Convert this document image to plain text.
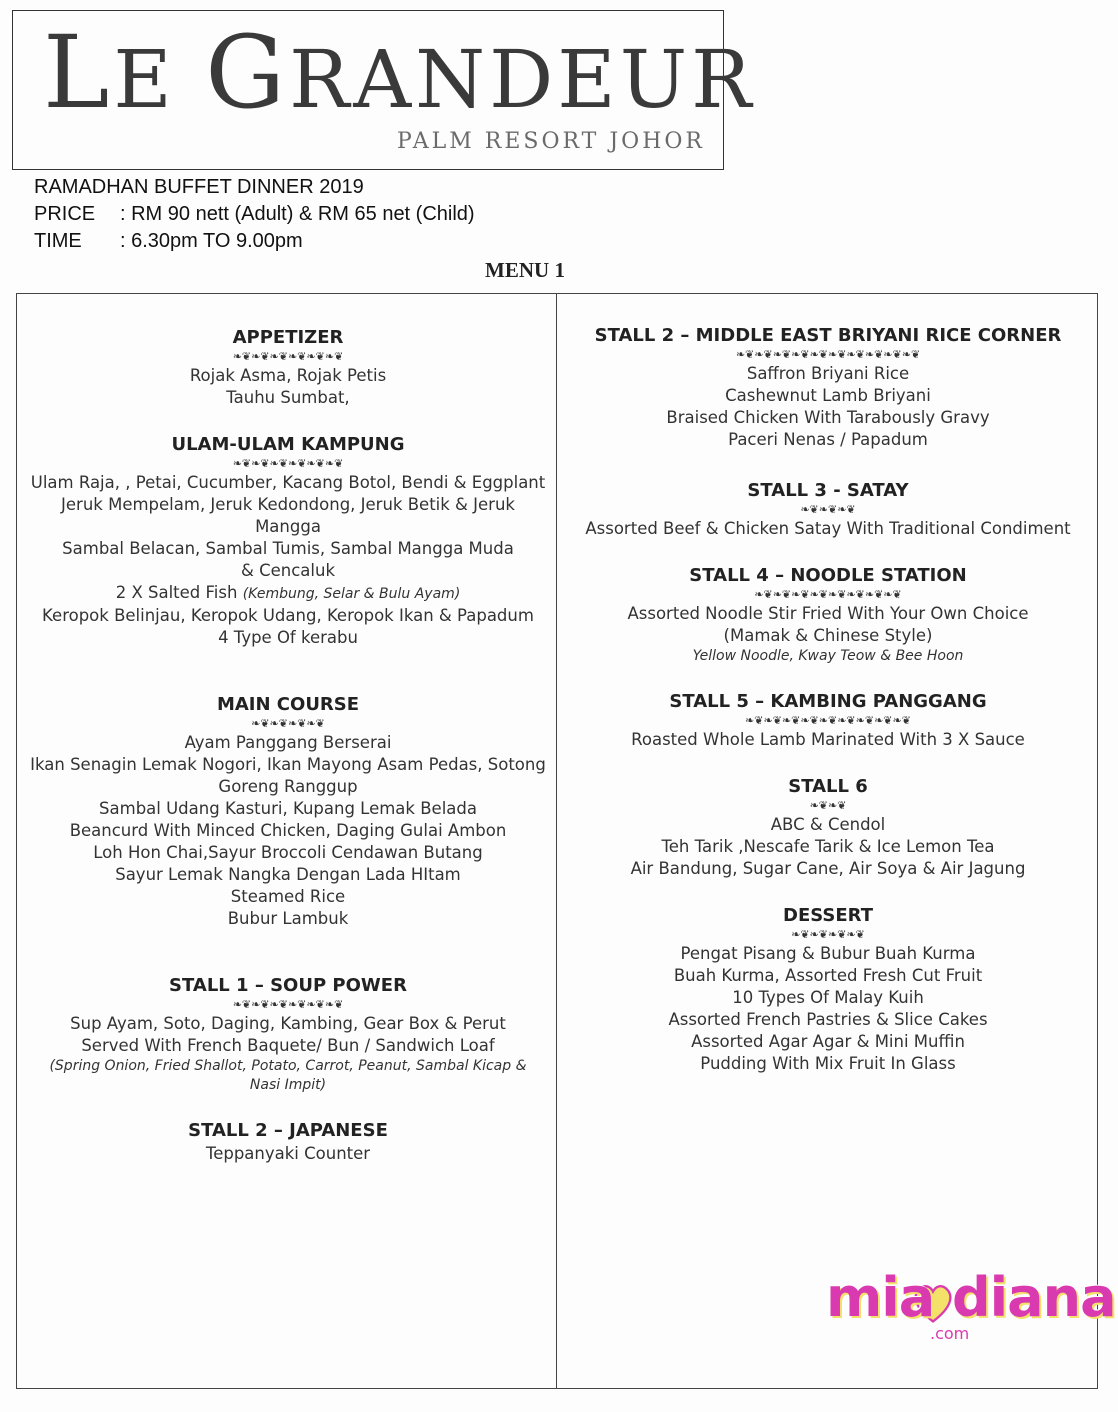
LE GRANDEUR
PALM RESORT JOHOR
RAMADHAN BUFFET DINNER 2019
PRICE : RM 90 nett (Adult) & RM 65 net (Child)
TIME : 6.30pm TO 9.00pm
MENU 1
APPETIZER
❧❦❧❦❧❦❧❦❧❦❧❦
Rojak Asma, Rojak Petis
Tauhu Sumbat,
ULAM-ULAM KAMPUNG
❧❦❧❦❧❦❧❦❧❦❧❦
Ulam Raja, , Petai, Cucumber, Kacang Botol, Bendi & Eggplant
Jeruk Mempelam, Jeruk Kedondong, Jeruk Betik & Jeruk Mangga
Sambal Belacan, Sambal Tumis, Sambal Mangga Muda & Cencaluk
2 X Salted Fish (Kembung, Selar & Bulu Ayam)
Keropok Belinjau, Keropok Udang, Keropok Ikan & Papadum
4 Type Of kerabu
MAIN COURSE
❧❦❧❦❧❦❧❦
Ayam Panggang Berserai
Ikan Senagin Lemak Nogori, Ikan Mayong Asam Pedas, Sotong Goreng Ranggup
Sambal Udang Kasturi, Kupang Lemak Belada
Beancurd With Minced Chicken, Daging Gulai Ambon
Loh Hon Chai,Sayur Broccoli Cendawan Butang
Sayur Lemak Nangka Dengan Lada HItam
Steamed Rice
Bubur Lambuk
STALL 1 – SOUP POWER
❧❦❧❦❧❦❧❦❧❦❧❦
Sup Ayam, Soto, Daging, Kambing, Gear Box & Perut
Served With French Baquete/ Bun / Sandwich Loaf
(Spring Onion, Fried Shallot, Potato, Carrot, Peanut, Sambal Kicap & Nasi Impit)
STALL 2 – JAPANESE
Teppanyaki Counter
STALL 2 – MIDDLE EAST BRIYANI RICE CORNER
❧❦❧❦❧❦❧❦❧❦❧❦❧❦❧❦❧❦❧❦
Saffron Briyani Rice
Cashewnut Lamb Briyani
Braised Chicken With Tarabously Gravy
Paceri Nenas / Papadum
STALL 3 - SATAY
❧❦❧❦❧❦
Assorted Beef & Chicken Satay With Traditional Condiment
STALL 4 – NOODLE STATION
❧❦❧❦❧❦❧❦❧❦❧❦❧❦❧❦
Assorted Noodle Stir Fried With Your Own Choice
(Mamak & Chinese Style)
Yellow Noodle, Kway Teow & Bee Hoon
STALL 5 – KAMBING PANGGANG
❧❦❧❦❧❦❧❦❧❦❧❦❧❦❧❦❧❦
Roasted Whole Lamb Marinated With 3 X Sauce
STALL 6
❧❦❧❦
ABC & Cendol
Teh Tarik ,Nescafe Tarik & Ice Lemon Tea
Air Bandung, Sugar Cane, Air Soya & Air Jagung
DESSERT
❧❦❧❦❧❦❧❦
Pengat Pisang & Bubur Buah Kurma
Buah Kurma, Assorted Fresh Cut Fruit
10 Types Of Malay Kuih
Assorted French Pastries & Slice Cakes
Assorted Agar Agar & Mini Muffin
Pudding With Mix Fruit In Glass
mia diana
.com
